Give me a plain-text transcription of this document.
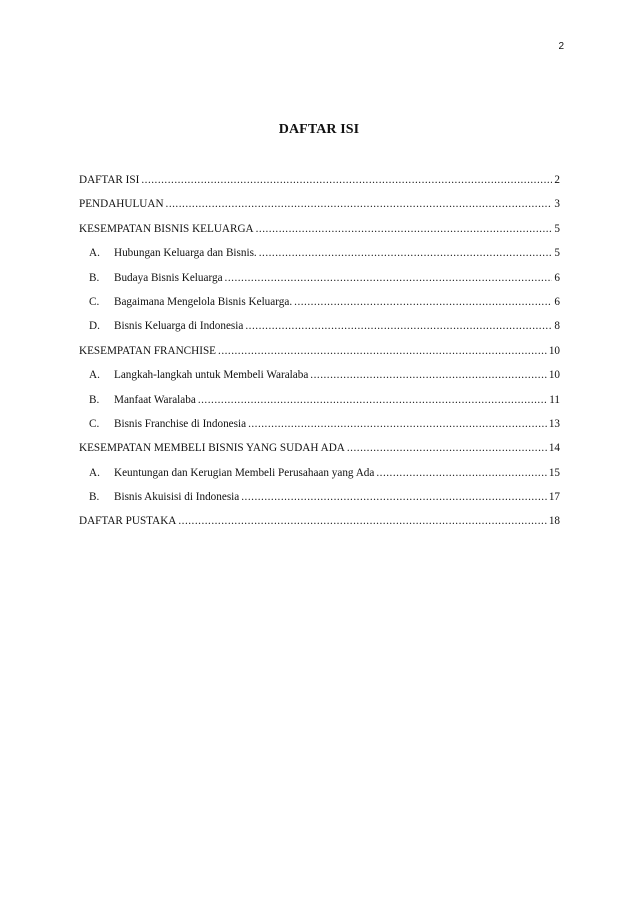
2
DAFTAR ISI
DAFTAR ISI .....	2
PENDAHULUAN .....	3
KESEMPATAN BISNIS KELUARGA .....	5
A.	Hubungan Keluarga dan Bisnis. .....	5
B.	Budaya Bisnis Keluarga .....	6
C.	Bagaimana Mengelola Bisnis Keluarga. .....	6
D.	Bisnis Keluarga di Indonesia .....	8
KESEMPATAN FRANCHISE .....	10
A.	Langkah-langkah untuk Membeli Waralaba .....	10
B.	Manfaat Waralaba .....	11
C.	Bisnis Franchise di Indonesia .....	13
KESEMPATAN MEMBELI BISNIS YANG SUDAH ADA .....	14
A.	Keuntungan dan Kerugian Membeli Perusahaan yang Ada .....	15
B.	Bisnis Akuisisi di Indonesia .....	17
DAFTAR PUSTAKA .....	18
